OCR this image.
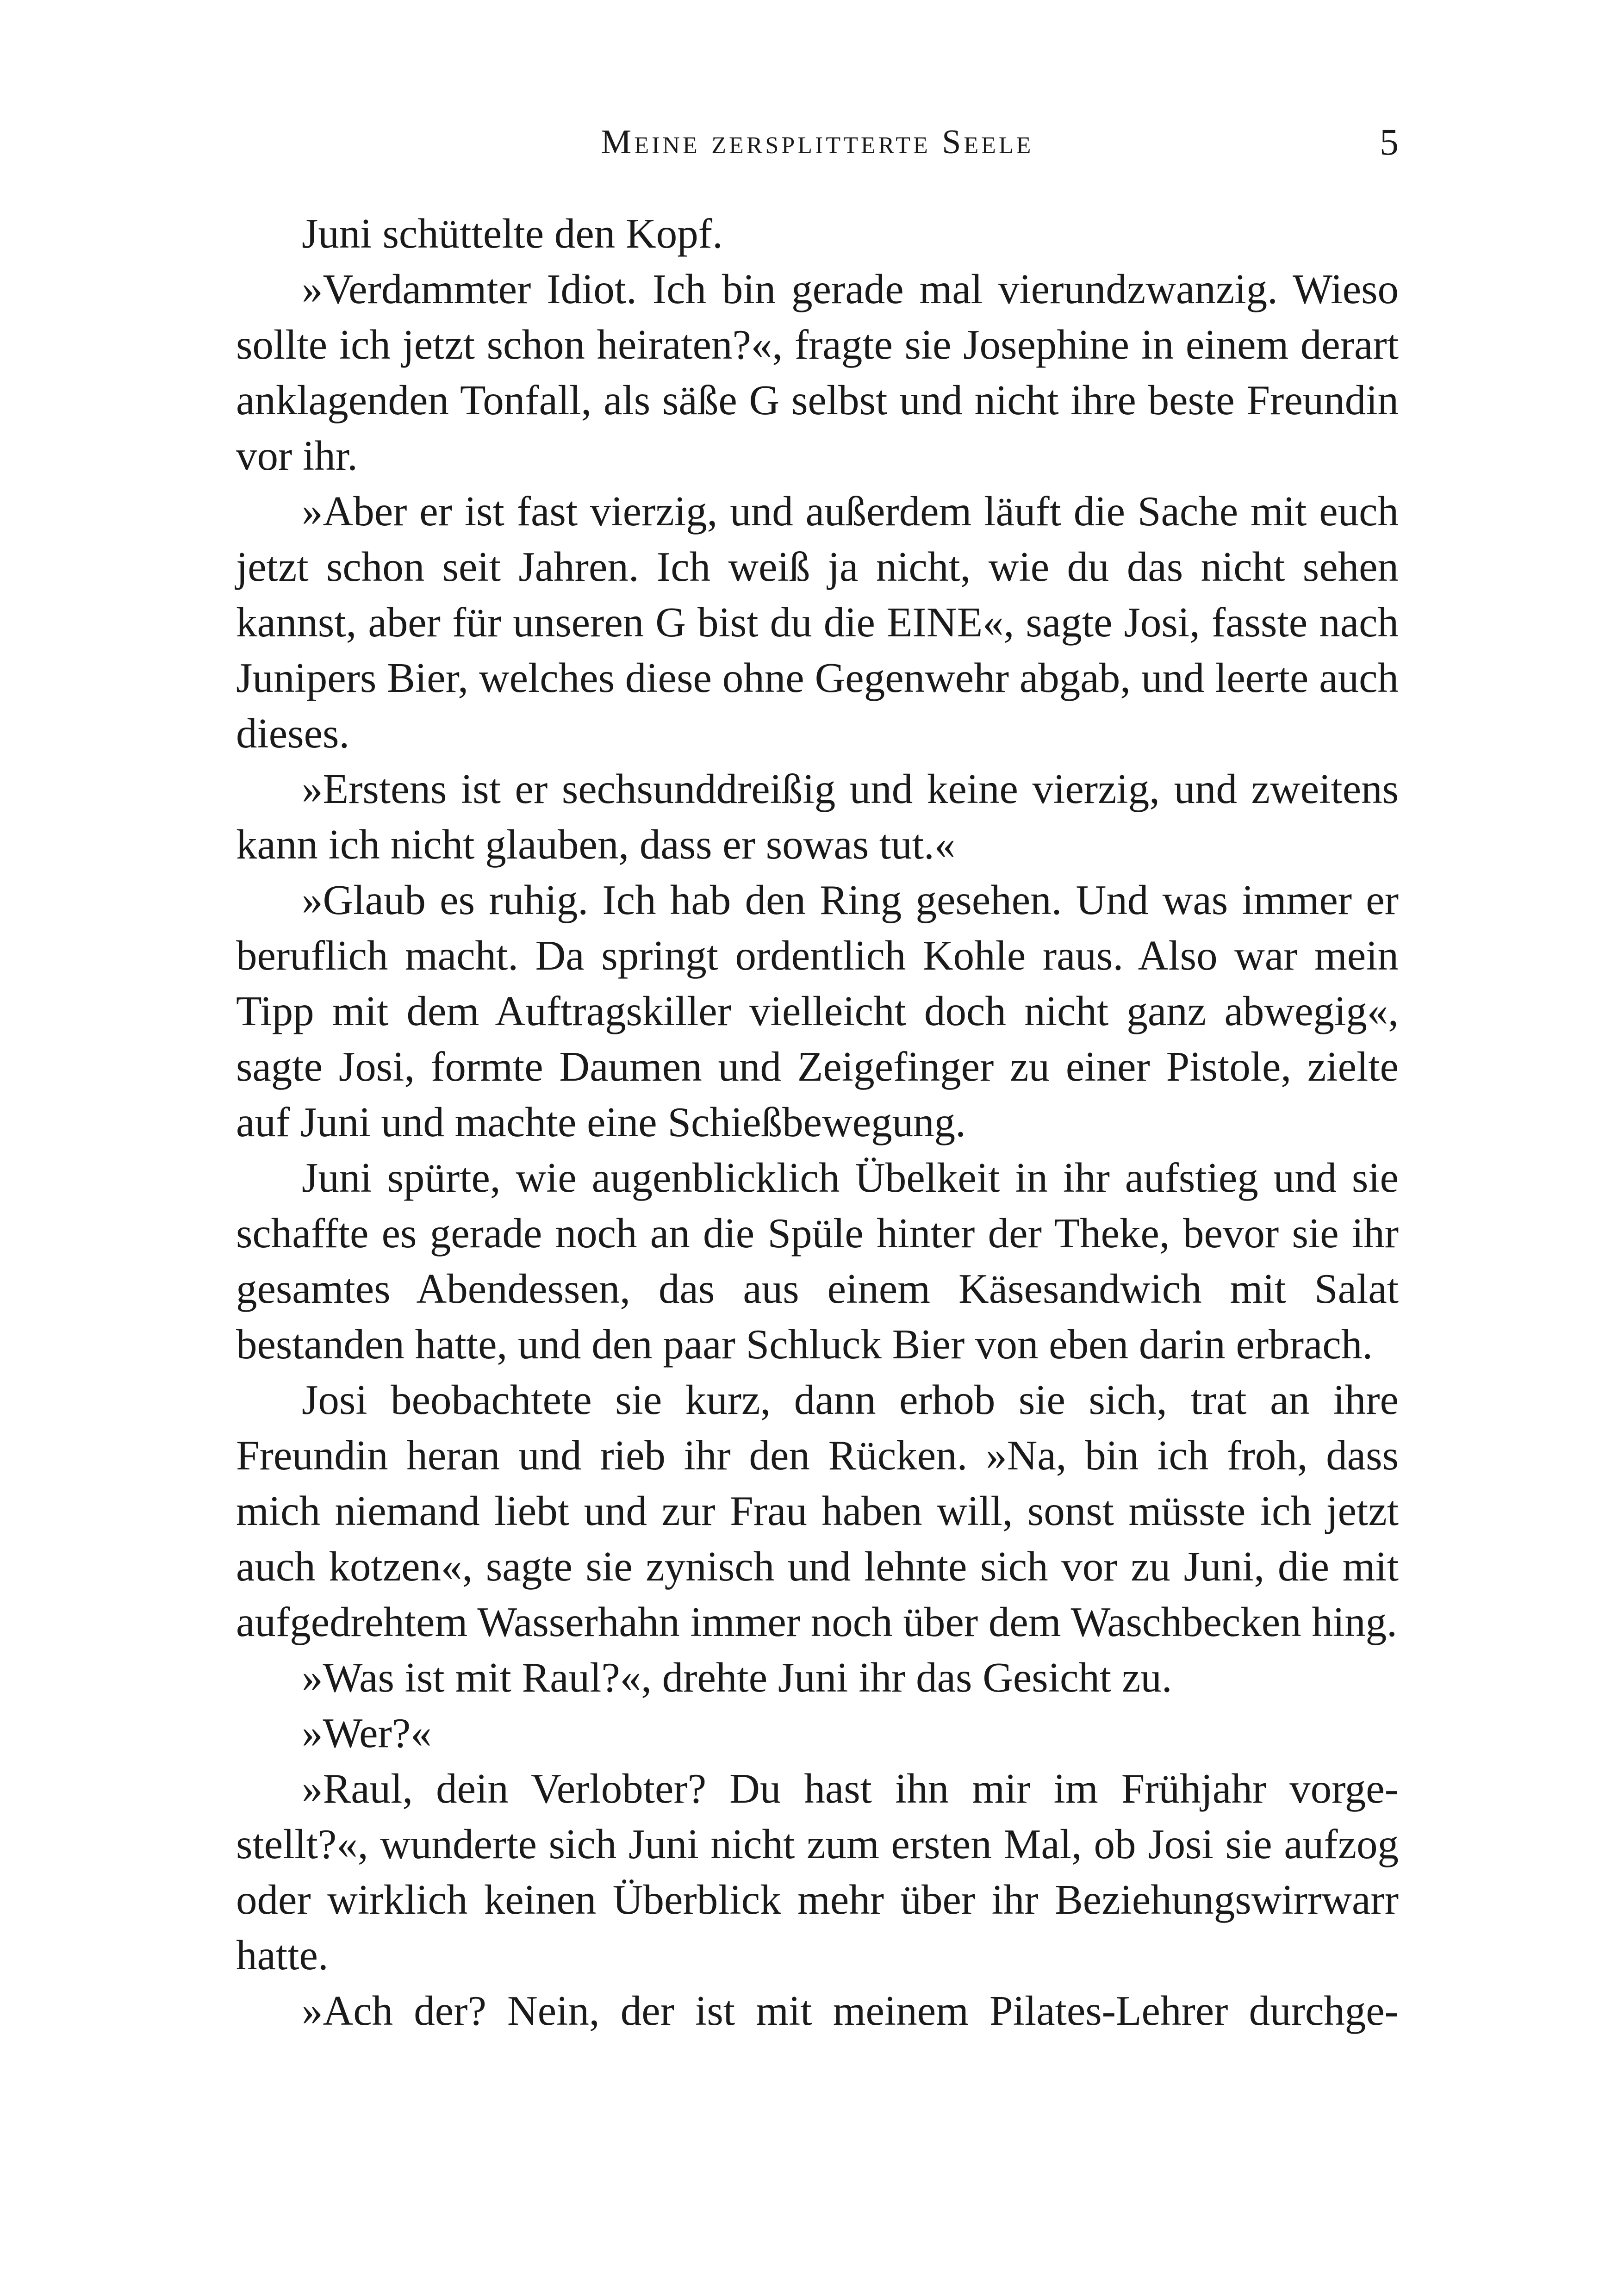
Meine zersplitterte Seele	5

Juni schüttelte den Kopf.

»Verdammter Idiot. Ich bin gerade mal vierundzwanzig. Wieso sollte ich jetzt schon heiraten?«, fragte sie Josephine in einem derart anklagenden Tonfall, als säße G selbst und nicht ihre beste Freundin vor ihr.

»Aber er ist fast vierzig, und außerdem läuft die Sache mit euch jetzt schon seit Jahren. Ich weiß ja nicht, wie du das nicht sehen kannst, aber für unseren G bist du die EINE«, sagte Josi, fasste nach Junipers Bier, welches diese ohne Gegenwehr abgab, und leerte auch dieses.

»Erstens ist er sechsunddreißig und keine vierzig, und zweitens kann ich nicht glauben, dass er sowas tut.«

»Glaub es ruhig. Ich hab den Ring gesehen. Und was immer er beruflich macht. Da springt ordentlich Kohle raus. Also war mein Tipp mit dem Auftragskiller vielleicht doch nicht ganz abwegig«, sagte Josi, formte Daumen und Zeigefinger zu einer Pistole, zielte auf Juni und machte eine Schießbewegung.

Juni spürte, wie augenblicklich Übelkeit in ihr aufstieg und sie schaffte es gerade noch an die Spüle hinter der Theke, bevor sie ihr gesamtes Abendessen, das aus einem Käsesandwich mit Salat bestanden hatte, und den paar Schluck Bier von eben darin erbrach.

Josi beobachtete sie kurz, dann erhob sie sich, trat an ihre Freundin heran und rieb ihr den Rücken. »Na, bin ich froh, dass mich niemand liebt und zur Frau haben will, sonst müsste ich jetzt auch kotzen«, sagte sie zynisch und lehnte sich vor zu Juni, die mit aufgedrehtem Wasserhahn immer noch über dem Waschbecken hing.

»Was ist mit Raul?«, drehte Juni ihr das Gesicht zu.

»Wer?«

»Raul, dein Verlobter? Du hast ihn mir im Frühjahr vorgestellt?«, wunderte sich Juni nicht zum ersten Mal, ob Josi sie aufzog oder wirklich keinen Überblick mehr über ihr Beziehungswirrwarr hatte.

»Ach der? Nein, der ist mit meinem Pilates-Lehrer durchge-
